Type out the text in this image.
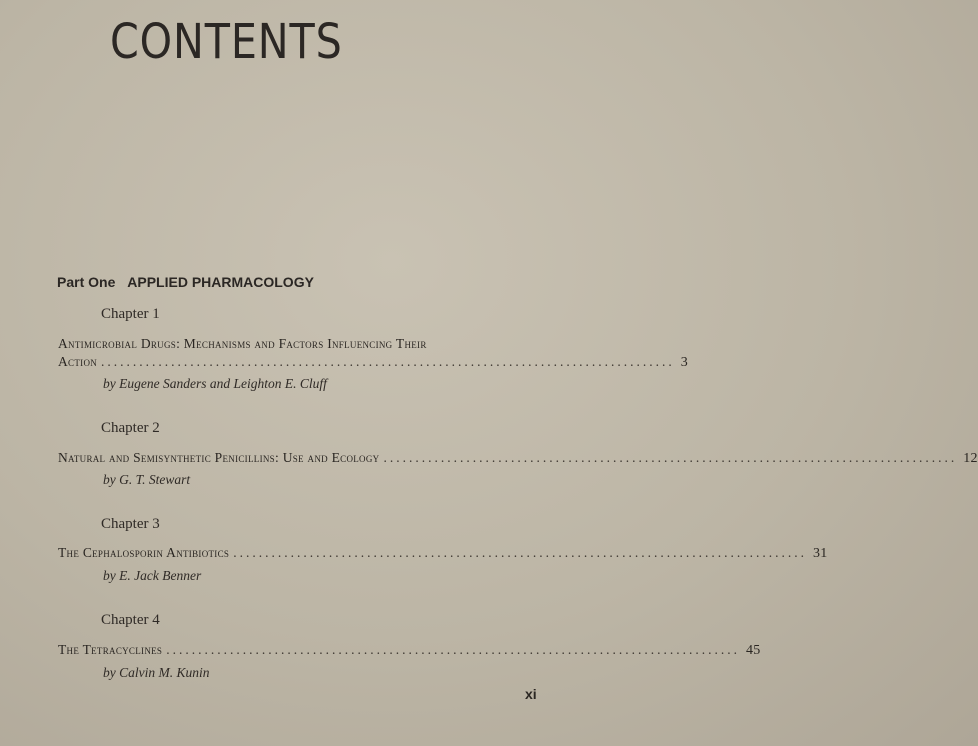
CONTENTS
Part One APPLIED PHARMACOLOGY
Chapter 1
Antimicrobial Drugs: Mechanisms and Factors Influencing Their
Action .......................................................................................... 3
by Eugene Sanders and Leighton E. Cluff
Chapter 2
Natural and Semisynthetic Penicillins: Use and Ecology .......................................................................................... 12
by G. T. Stewart
Chapter 3
The Cephalosporin Antibiotics .......................................................................................... 31
by E. Jack Benner
Chapter 4
The Tetracyclines .......................................................................................... 45
by Calvin M. Kunin
xi
